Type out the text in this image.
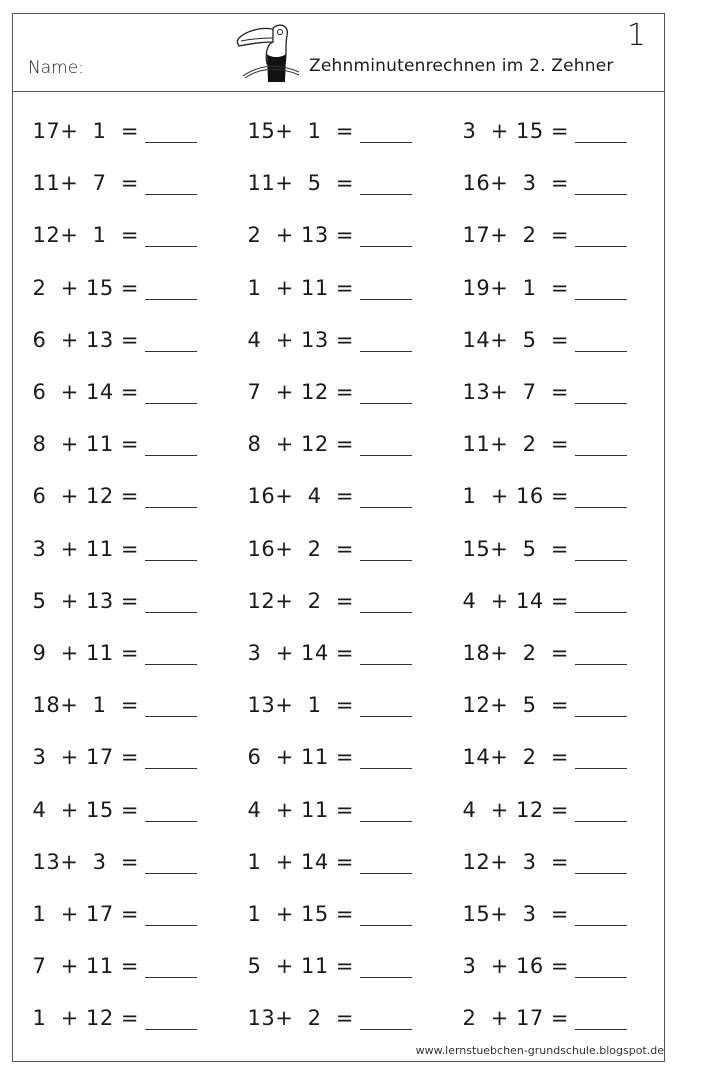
Name:	Zehnminutenrechnen im 2. Zehner
1
17+  1  =	15+  1  =	3  + 15 =
11+  7  =	11+  5  =	16+  3  =
12+  1  =	2  + 13 =	17+  2  =
2  + 15 =	1  + 11 =	19+  1  =
6  + 13 =	4  + 13 =	14+  5  =
6  + 14 =	7  + 12 =	13+  7  =
8  + 11 =	8  + 12 =	11+  2  =
6  + 12 =	16+  4  =	1  + 16 =
3  + 11 =	16+  2  =	15+  5  =
5  + 13 =	12+  2  =	4  + 14 =
9  + 11 =	3  + 14 =	18+  2  =
18+  1  =	13+  1  =	12+  5  =
3  + 17 =	6  + 11 =	14+  2  =
4  + 15 =	4  + 11 =	4  + 12 =
13+  3  =	1  + 14 =	12+  3  =
1  + 17 =	1  + 15 =	15+  3  =
7  + 11 =	5  + 11 =	3  + 16 =
1  + 12 =	13+  2  =	2  + 17 =
www.lernstuebchen-grundschule.blogspot.de
